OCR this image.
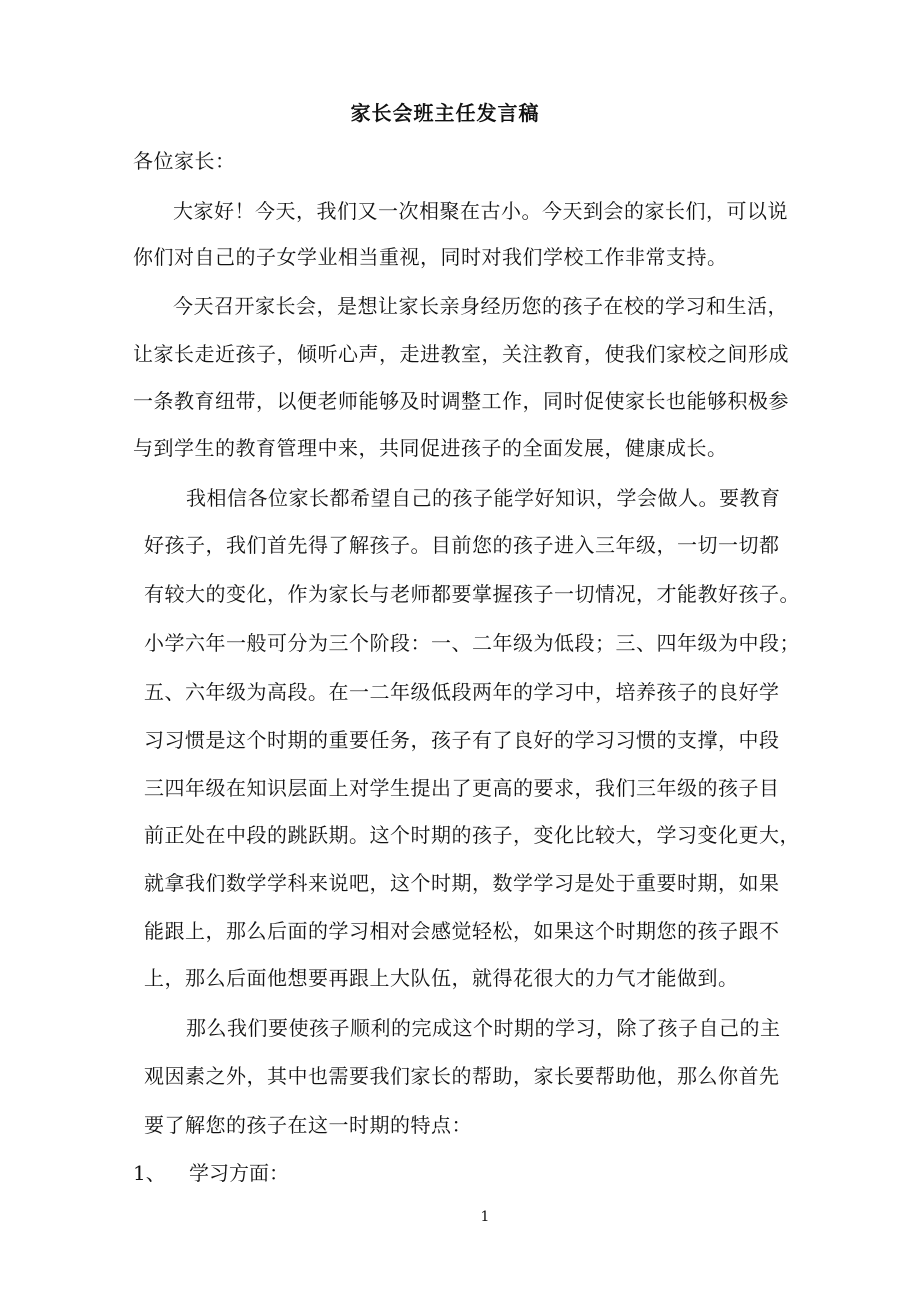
家长会班主任发言稿

各位家长：

大家好！今天，我们又一次相聚在古小。今天到会的家长们，可以说

你们对自己的子女学业相当重视，同时对我们学校工作非常支持。

今天召开家长会，是想让家长亲身经历您的孩子在校的学习和生活，

让家长走近孩子，倾听心声，走进教室，关注教育，使我们家校之间形成

一条教育纽带，以便老师能够及时调整工作，同时促使家长也能够积极参

与到学生的教育管理中来，共同促进孩子的全面发展，健康成长。

我相信各位家长都希望自己的孩子能学好知识，学会做人。要教育

好孩子，我们首先得了解孩子。目前您的孩子进入三年级，一切一切都

有较大的变化，作为家长与老师都要掌握孩子一切情况，才能教好孩子。

小学六年一般可分为三个阶段：一、二年级为低段；三、四年级为中段；

五、六年级为高段。在一二年级低段两年的学习中，培养孩子的良好学

习习惯是这个时期的重要任务，孩子有了良好的学习习惯的支撑，中段

三四年级在知识层面上对学生提出了更高的要求，我们三年级的孩子目

前正处在中段的跳跃期。这个时期的孩子，变化比较大，学习变化更大，

就拿我们数学学科来说吧，这个时期，数学学习是处于重要时期，如果

能跟上，那么后面的学习相对会感觉轻松，如果这个时期您的孩子跟不

上，那么后面他想要再跟上大队伍，就得花很大的力气才能做到。

那么我们要使孩子顺利的完成这个时期的学习，除了孩子自己的主

观因素之外，其中也需要我们家长的帮助，家长要帮助他，那么你首先

要了解您的孩子在这一时期的特点：

1、 学习方面：
1
